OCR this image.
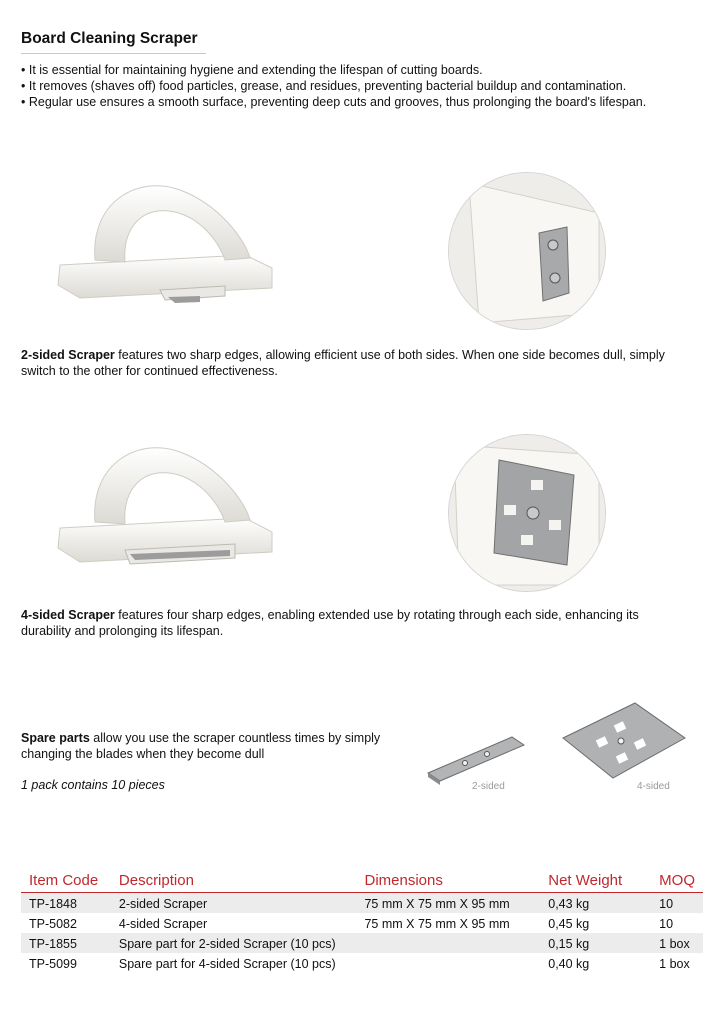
Board Cleaning Scraper
• It is essential for maintaining hygiene and extending the lifespan of cutting boards.
• It removes (shaves off) food particles, grease, and residues, preventing bacterial buildup and contamination.
• Regular use ensures a smooth surface, preventing deep cuts and grooves, thus prolonging the board's lifespan.
2-sided Scraper features two sharp edges, allowing efficient use of both sides. When one side becomes dull, simply switch to the other for continued effectiveness.
4-sided Scraper features four sharp edges, enabling extended use by rotating through each side, enhancing its durability and prolonging its lifespan.
Spare parts allow you use the scraper countless times by simply changing the blades when they become dull
1 pack contains 10 pieces	2-sided	4-sided
Item Code	Description	Dimensions	Net Weight	MOQ
TP-1848	2-sided Scraper	75 mm X 75 mm X 95 mm	0,43 kg	10
TP-5082	4-sided Scraper	75 mm X 75 mm X 95 mm	0,45 kg	10
TP-1855	Spare part for 2-sided Scraper (10 pcs)		0,15 kg	1 box
TP-5099	Spare part for 4-sided Scraper (10 pcs)		0,40 kg	1 box
